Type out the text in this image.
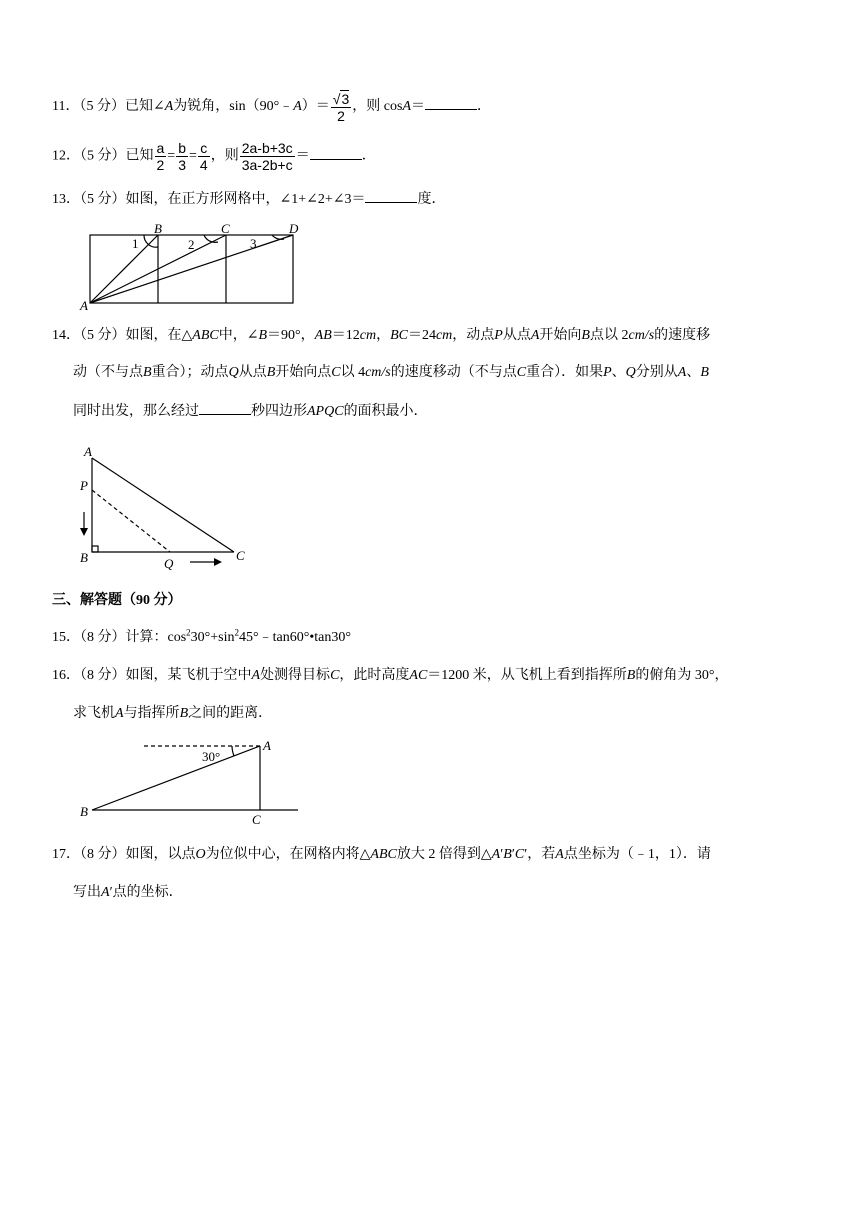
11．（5 分）已知∠A为锐角，sin（90°﹣A）＝ $\frac{√3}{2}$ ，则 cosA＝	．
12．（5 分）已知 $\frac{a}{2} = \frac{b}{3} = \frac{c}{4}$ ，则 $\frac{2a-b+3c}{3a-2b+c}$ ＝	．
13．（5 分）如图，在正方形网格中，∠1+∠2+∠3＝	度．
A
B	C	D
1	2	3
14．（5 分）如图，在△ABC中，∠B＝90°，AB＝12cm，BC＝24cm，动点P从点A开始向B点以 2cm/s的速度移
动（不与点B重合）；动点Q从点B开始向点C以 4cm/s的速度移动（不与点C重合）．如果P、Q分别从A、B
同时出发，那么经过	秒四边形APQC的面积最小．
A
P
B	Q
C
三、解答题（90 分）
15．（8 分）计算：$\cos^230^\circ+\sin^245^\circ﹣\tan 60^\circ•\tan 30^\circ$
16．（8 分）如图，某飞机于空中A处测得目标C，此时高度AC＝1200 米，从飞机上看到指挥所B的俯角为 30°，
求飞机A与指挥所B之间的距离．
A
B
C
30°
17．（8 分）如图，以点O为位似中心，在网格内将△ABC放大 2 倍得到△A′B′C′，若A点坐标为（﹣1，1）．请
写出A′点的坐标．
